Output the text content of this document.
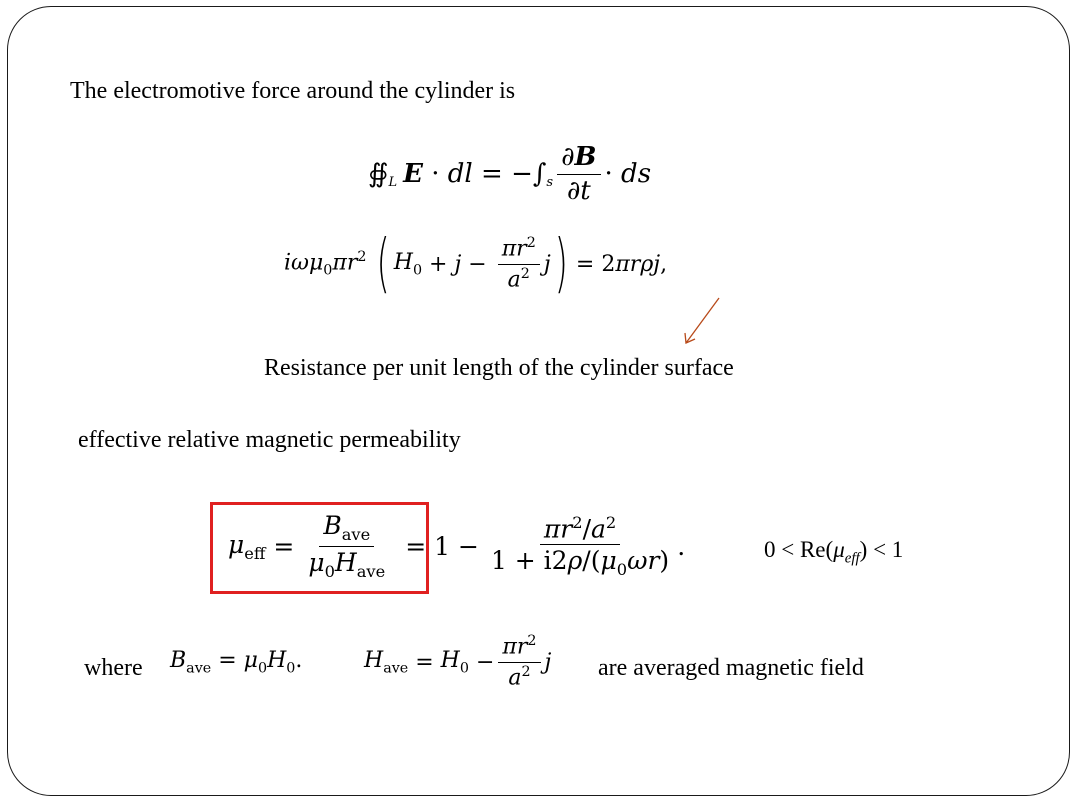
The electromotive force around the cylinder is
$∯_L$ E · dl = − $\int_s \frac{\partial B}{\partial t}$ · ds
$i\omega\mu_0\pi r^2$ ( $H_0 + j - \frac{\pi r^2}{a^2}$ j ) = 2 πrρj ,
Resistance per unit length of the cylinder surface
effective relative magnetic permeability
$\mu_{eff} = \frac{B_{ave}}{\mu_0H_{ave}} = 1 - \frac{\pi r^2/a^2}{1 + i2\rho/(\mu_0\omega r)}$ .	$0 < Re(\mu_{eff}) < 1$
where $B_{ave} = \mu_0H_0$.	$H_{ave} = H_0 - \frac{\pi r^2}{a^2}$ j are averaged magnetic field
